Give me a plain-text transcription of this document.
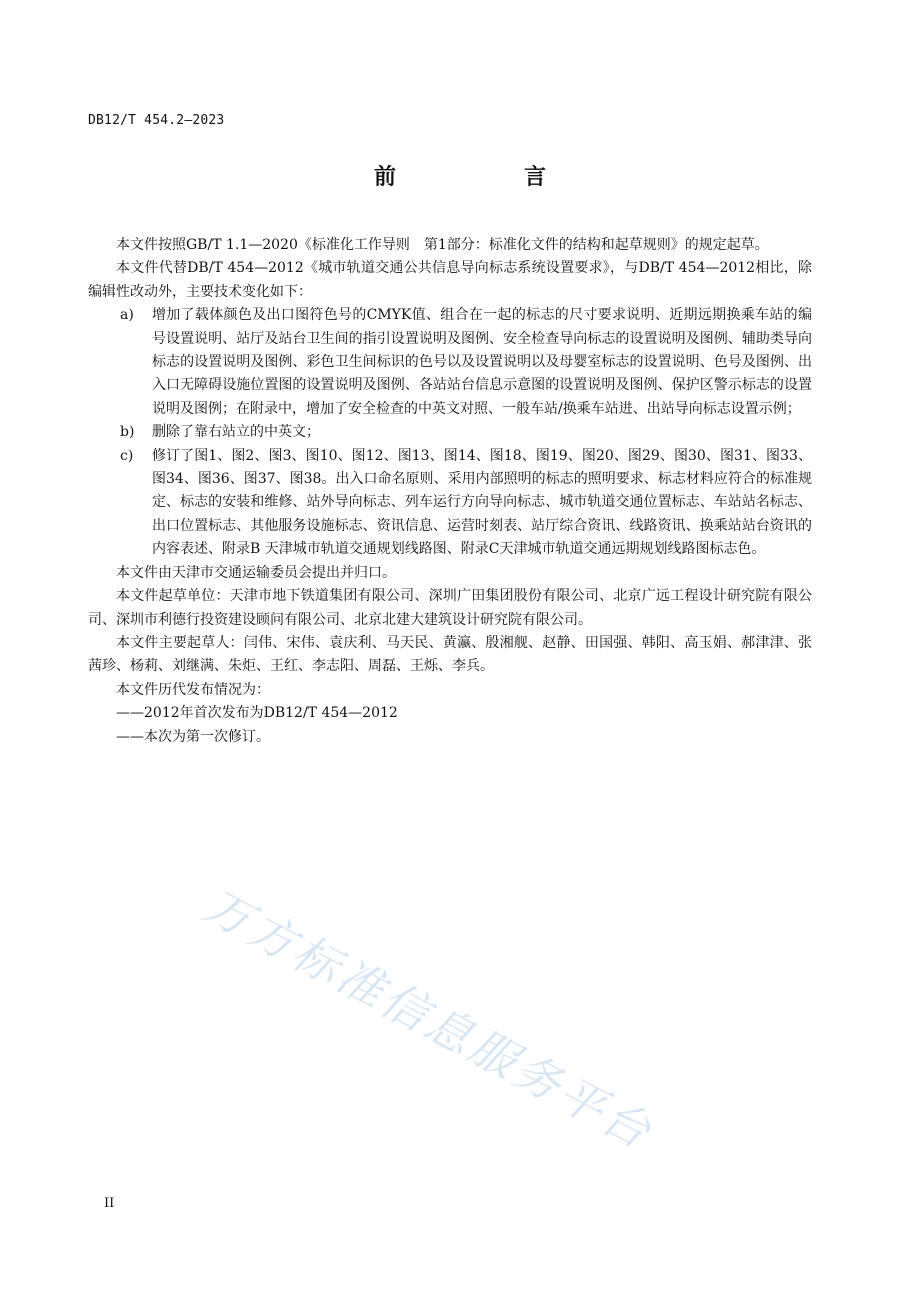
DB12/T 454.2—2023
前　　言

本文件按照GB/T 1.1—2020《标准化工作导则　第1部分：标准化文件的结构和起草规则》的规定起草。

本文件代替DB/T 454—2012《城市轨道交通公共信息导向标志系统设置要求》，与DB/T 454—2012相比，除编辑性改动外，主要技术变化如下：

a) 增加了载体颜色及出口图符色号的CMYK值、组合在一起的标志的尺寸要求说明、近期远期换乘车站的编号设置说明、站厅及站台卫生间的指引设置说明及图例、安全检查导向标志的设置说明及图例、辅助类导向标志的设置说明及图例、彩色卫生间标识的色号以及设置说明以及母婴室标志的设置说明、色号及图例、出入口无障碍设施位置图的设置说明及图例、各站站台信息示意图的设置说明及图例、保护区警示标志的设置说明及图例；在附录中，增加了安全检查的中英文对照、一般车站/换乘车站进、出站导向标志设置示例；
b) 删除了靠右站立的中英文；
c) 修订了图1、图2、图3、图10、图12、图13、图14、图18、图19、图20、图29、图30、图31、图33、图34、图36、图37、图38。出入口命名原则、采用内部照明的标志的照明要求、标志材料应符合的标准规定、标志的安装和维修、站外导向标志、列车运行方向导向标志、城市轨道交通位置标志、车站站名标志、出口位置标志、其他服务设施标志、资讯信息、运营时刻表、站厅综合资讯、线路资讯、换乘站站台资讯的内容表述、附录B 天津城市轨道交通规划线路图、附录C天津城市轨道交通远期规划线路图标志色。

本文件由天津市交通运输委员会提出并归口。

本文件起草单位：天津市地下铁道集团有限公司、深圳广田集团股份有限公司、北京广远工程设计研究院有限公司、深圳市利德行投资建设顾问有限公司、北京北建大建筑设计研究院有限公司。

本文件主要起草人：闫伟、宋伟、袁庆利、马天民、黄瀛、殷湘舰、赵静、田国强、韩阳、高玉娟、郝津津、张茜珍、杨莉、刘继满、朱炬、王红、李志阳、周磊、王烁、李兵。

本文件历代发布情况为：

——2012年首次发布为DB12/T 454—2012

——本次为第一次修订。

万方标准信息服务平台
II
